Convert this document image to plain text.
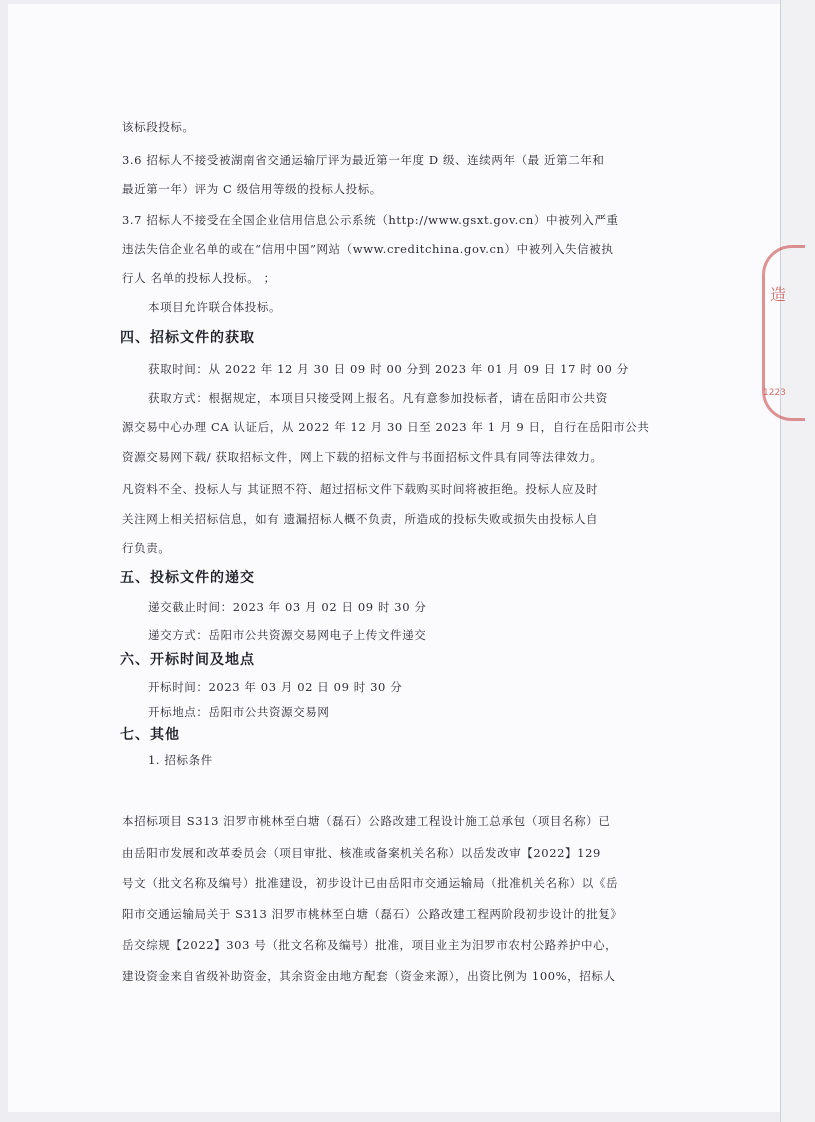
造
1223
该标段投标。
3.6 招标人不接受被湖南省交通运输厅评为最近第一年度 D 级、连续两年（最 近第二年和
最近第一年）评为 C 级信用等级的投标人投标。
3.7 招标人不接受在全国企业信用信息公示系统（http://www.gsxt.gov.cn）中被列入严重
违法失信企业名单的或在“信用中国”网站（www.creditchina.gov.cn）中被列入失信被执
行人 名单的投标人投标。 ；
本项目允许联合体投标。
四、招标文件的获取
获取时间：从 2022 年 12 月 30 日 09 时 00 分到 2023 年 01 月 09 日 17 时 00 分
获取方式：根据规定，本项目只接受网上报名。凡有意参加投标者，请在岳阳市公共资
源交易中心办理 CA 认证后，从 2022 年 12 月 30 日至 2023 年 1 月 9 日，自行在岳阳市公共
资源交易网下载/ 获取招标文件，网上下载的招标文件与书面招标文件具有同等法律效力。
凡资料不全、投标人与 其证照不符、超过招标文件下载购买时间将被拒绝。投标人应及时
关注网上相关招标信息，如有 遗漏招标人概不负责，所造成的投标失败或损失由投标人自
行负责。
五、投标文件的递交
递交截止时间：2023 年 03 月 02 日 09 时 30 分
递交方式：岳阳市公共资源交易网电子上传文件递交
六、开标时间及地点
开标时间：2023 年 03 月 02 日 09 时 30 分
开标地点：岳阳市公共资源交易网
七、其他
1. 招标条件
本招标项目 S313 汨罗市桃林至白塘（磊石）公路改建工程设计施工总承包（项目名称）已
由岳阳市发展和改革委员会（项目审批、核准或备案机关名称）以岳发改审【2022】129
号文（批文名称及编号）批准建设，初步设计已由岳阳市交通运输局（批准机关名称）以《岳
阳市交通运输局关于 S313 汨罗市桃林至白塘（磊石）公路改建工程两阶段初步设计的批复》
岳交综规【2022】303 号（批文名称及编号）批准，项目业主为汨罗市农村公路养护中心，
建设资金来自省级补助资金，其余资金由地方配套（资金来源），出资比例为 100%，招标人
